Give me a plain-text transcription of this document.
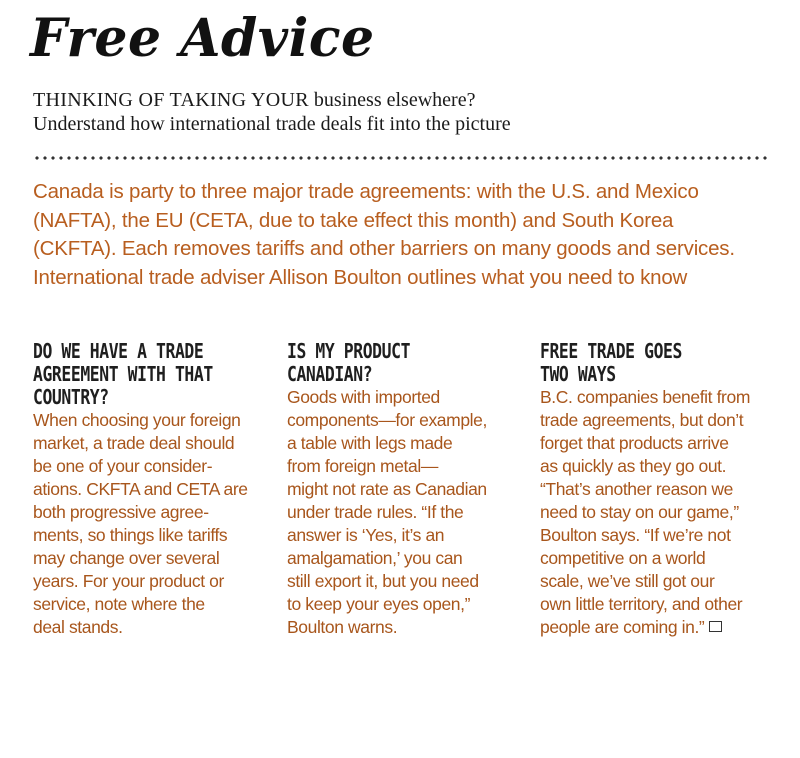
Free Advice
THINKING OF TAKING YOUR business elsewhere?
Understand how international trade deals fit into the picture
Canada is party to three major trade agreements: with the U.S. and Mexico
(NAFTA), the EU (CETA, due to take effect this month) and South Korea
(CKFTA). Each removes tariffs and other barriers on many goods and services.
International trade adviser Allison Boulton outlines what you need to know
DO WE HAVE A TRADE
AGREEMENT WITH THAT
COUNTRY?
When choosing your foreign
market, a trade deal should
be one of your consider-
ations. CKFTA and CETA are
both progressive agree-
ments, so things like tariffs
may change over several
years. For your product or
service, note where the
deal stands.
IS MY PRODUCT
CANADIAN?
Goods with imported
components—for example,
a table with legs made
from foreign metal—
might not rate as Canadian
under trade rules. “If the
answer is ‘Yes, it’s an
amalgamation,’ you can
still export it, but you need
to keep your eyes open,”
Boulton warns.
FREE TRADE GOES
TWO WAYS
B.C. companies benefit from
trade agreements, but don’t
forget that products arrive
as quickly as they go out.
“That’s another reason we
need to stay on our game,”
Boulton says. “If we’re not
competitive on a world
scale, we’ve still got our
own little territory, and other
people are coming in.”
